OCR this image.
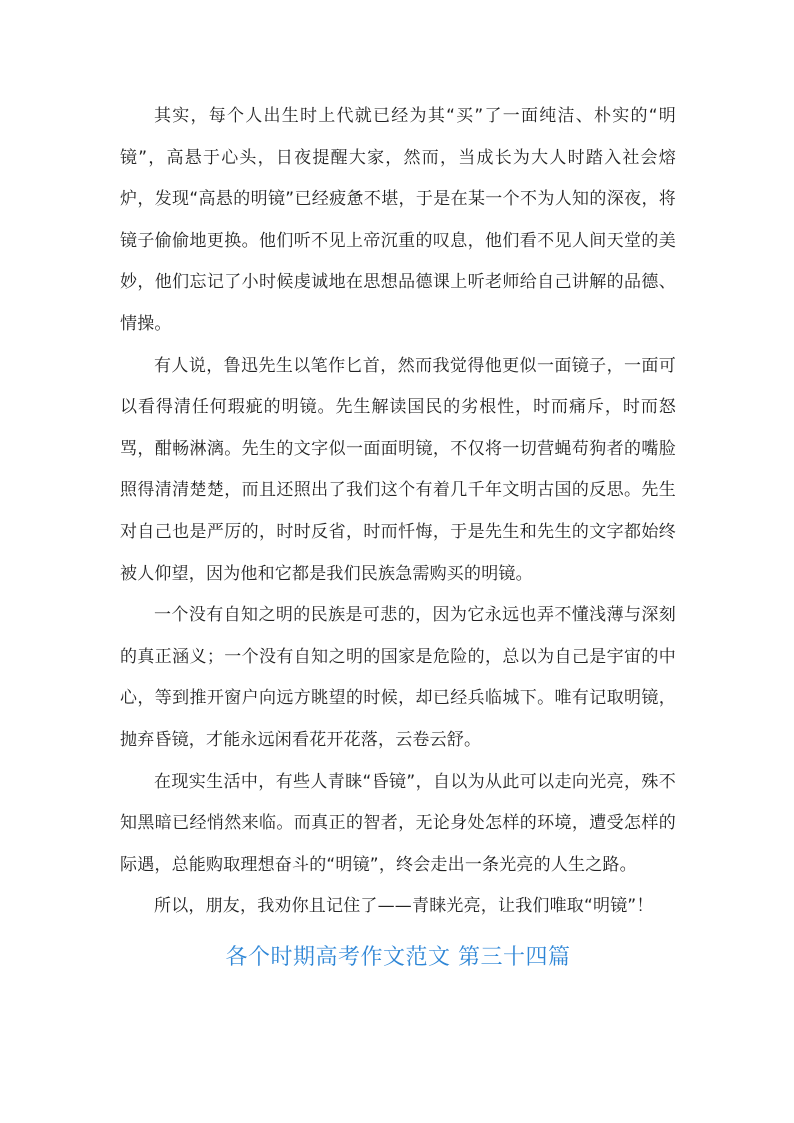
其实，每个人出生时上代就已经为其“买”了一面纯洁、朴实的“明镜”，高悬于心头，日夜提醒大家，然而，当成长为大人时踏入社会熔炉，发现“高悬的明镜”已经疲惫不堪，于是在某一个不为人知的深夜，将镜子偷偷地更换。他们听不见上帝沉重的叹息，他们看不见人间天堂的美妙，他们忘记了小时候虔诚地在思想品德课上听老师给自己讲解的品德、情操。

有人说，鲁迅先生以笔作匕首，然而我觉得他更似一面镜子，一面可以看得清任何瑕疵的明镜。先生解读国民的劣根性，时而痛斥，时而怒骂，酣畅淋漓。先生的文字似一面面明镜，不仅将一切营蝇苟狗者的嘴脸照得清清楚楚，而且还照出了我们这个有着几千年文明古国的反思。先生对自己也是严厉的，时时反省，时而忏悔，于是先生和先生的文字都始终被人仰望，因为他和它都是我们民族急需购买的明镜。

一个没有自知之明的民族是可悲的，因为它永远也弄不懂浅薄与深刻的真正涵义；一个没有自知之明的国家是危险的，总以为自己是宇宙的中心，等到推开窗户向远方眺望的时候，却已经兵临城下。唯有记取明镜，抛弃昏镜，才能永远闲看花开花落，云卷云舒。

在现实生活中，有些人青睐“昏镜”，自以为从此可以走向光亮，殊不知黑暗已经悄然来临。而真正的智者，无论身处怎样的环境，遭受怎样的际遇，总能购取理想奋斗的“明镜”，终会走出一条光亮的人生之路。

所以，朋友，我劝你且记住了——青睐光亮，让我们唯取“明镜”！

各个时期高考作文范文 第三十四篇
